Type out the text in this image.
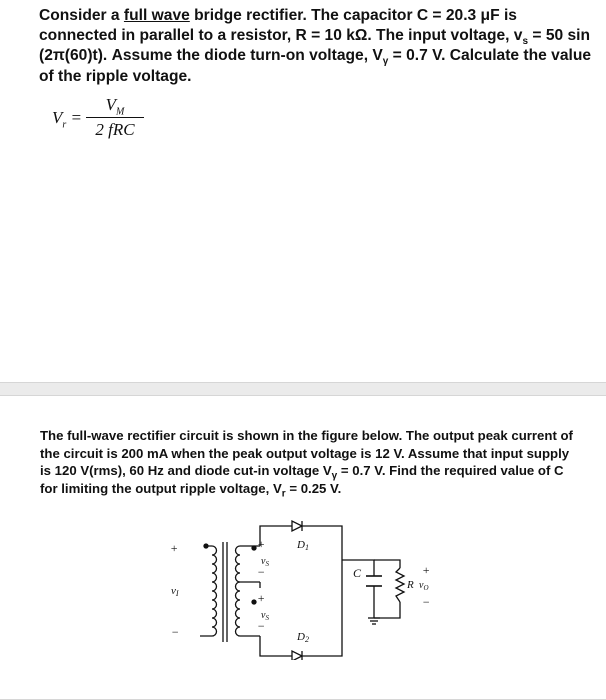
Consider a full wave bridge rectifier. The capacitor C = 20.3 μF is connected in parallel to a resistor, R = 10 kΩ. The input voltage, $v_s = 50$ sin (2π(60)t). Assume the diode turn-on voltage, $V_\gamma = 0.7$ V. Calculate the value of the ripple voltage.

$V_r$ =
$V_M$
2 fRC

The full-wave rectifier circuit is shown in the figure below. The output peak current of the circuit is 200 mA when the peak output voltage is 12 V. Assume that input supply is 120 V(rms), 60 Hz and diode cut-in voltage $V_\gamma = 0.7$ V. Find the required value of C for limiting the output ripple voltage, $V_r = 0.25$ V.

+
vI
−
+
−
+
−
$v_S$
$v_S$
D1
D2
C
R
+
$v_O$
−
